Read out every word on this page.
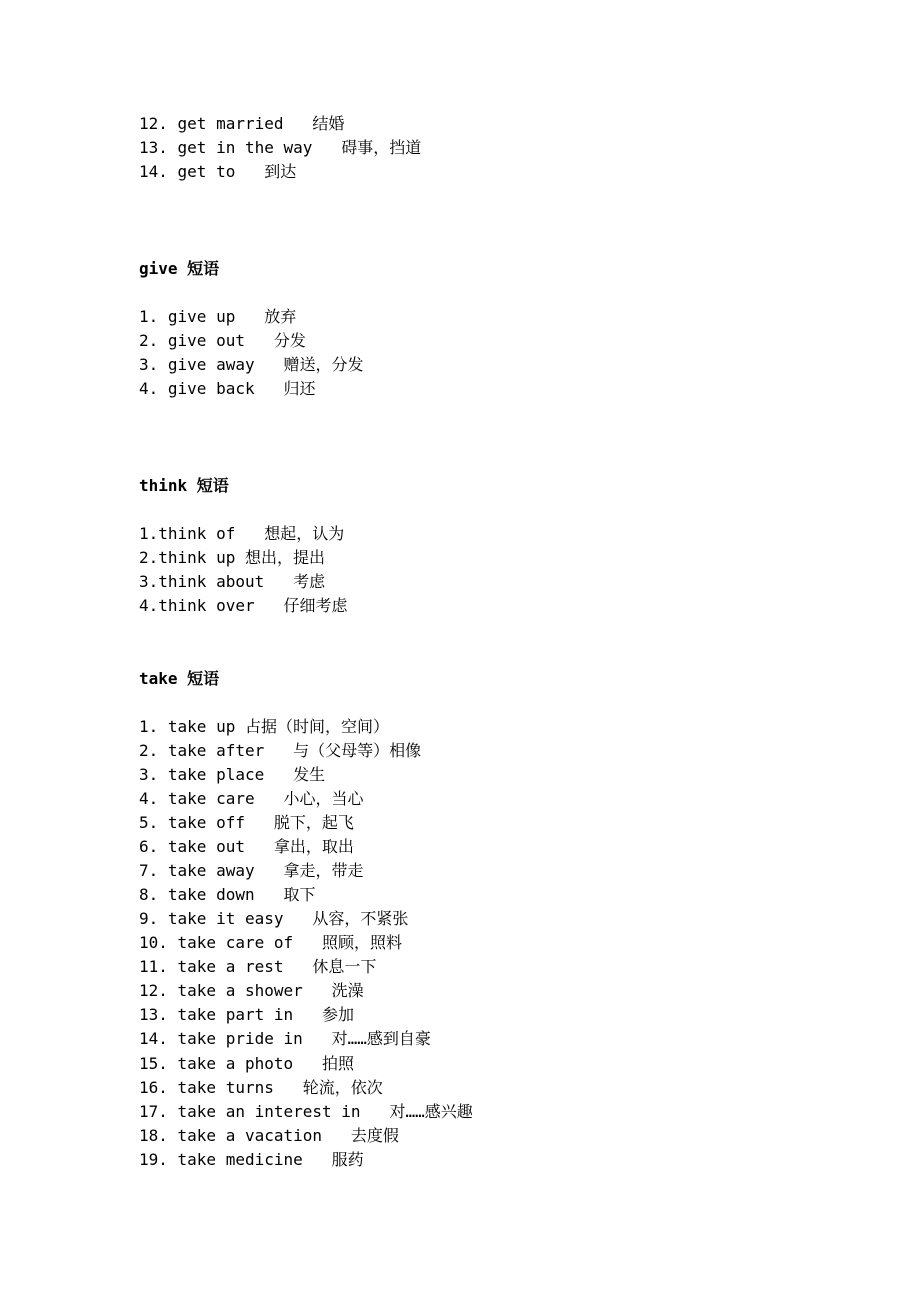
12. get married   结婚
13. get in the way   碍事，挡道
14. get to   到达
give 短语
1. give up   放弃
2. give out   分发
3. give away   赠送，分发
4. give back   归还
think 短语
1.think of   想起，认为
2.think up 想出，提出
3.think about   考虑
4.think over   仔细考虑
take 短语
1. take up 占据（时间，空间）
2. take after   与（父母等）相像
3. take place   发生
4. take care   小心，当心
5. take off   脱下，起飞
6. take out   拿出，取出
7. take away   拿走，带走
8. take down   取下
9. take it easy   从容，不紧张
10. take care of   照顾，照料
11. take a rest   休息一下
12. take a shower   洗澡
13. take part in   参加
14. take pride in   对……感到自豪
15. take a photo   拍照
16. take turns   轮流，依次
17. take an interest in   对……感兴趣
18. take a vacation   去度假
19. take medicine   服药
